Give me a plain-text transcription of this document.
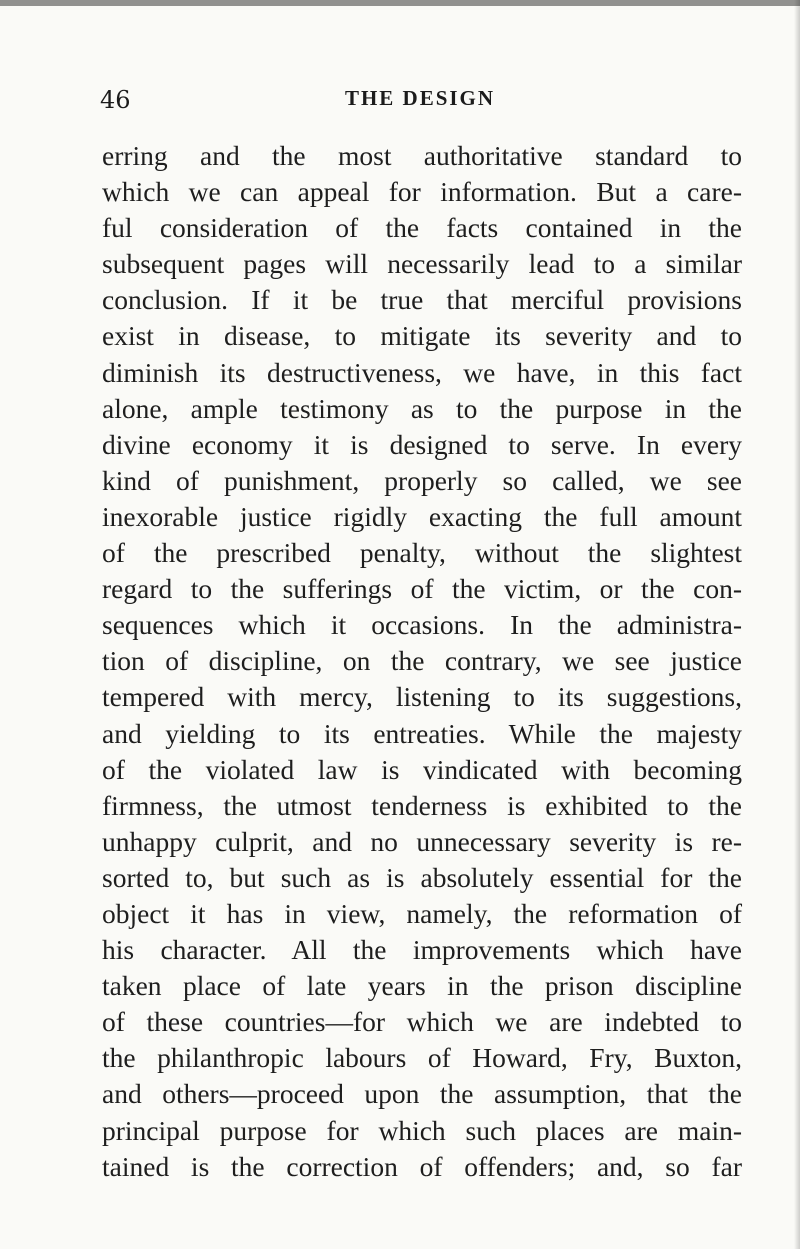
46	THE DESIGN
erring and the most authoritative standard to
which we can appeal for information. But a care-
ful consideration of the facts contained in the
subsequent pages will necessarily lead to a similar
conclusion. If it be true that merciful provisions
exist in disease, to mitigate its severity and to
diminish its destructiveness, we have, in this fact
alone, ample testimony as to the purpose in the
divine economy it is designed to serve. In every
kind of punishment, properly so called, we see
inexorable justice rigidly exacting the full amount
of the prescribed penalty, without the slightest
regard to the sufferings of the victim, or the con-
sequences which it occasions. In the administra-
tion of discipline, on the contrary, we see justice
tempered with mercy, listening to its suggestions,
and yielding to its entreaties. While the majesty
of the violated law is vindicated with becoming
firmness, the utmost tenderness is exhibited to the
unhappy culprit, and no unnecessary severity is re-
sorted to, but such as is absolutely essential for the
object it has in view, namely, the reformation of
his character. All the improvements which have
taken place of late years in the prison discipline
of these countries—for which we are indebted to
the philanthropic labours of Howard, Fry, Buxton,
and others—proceed upon the assumption, that the
principal purpose for which such places are main-
tained is the correction of offenders; and, so far
